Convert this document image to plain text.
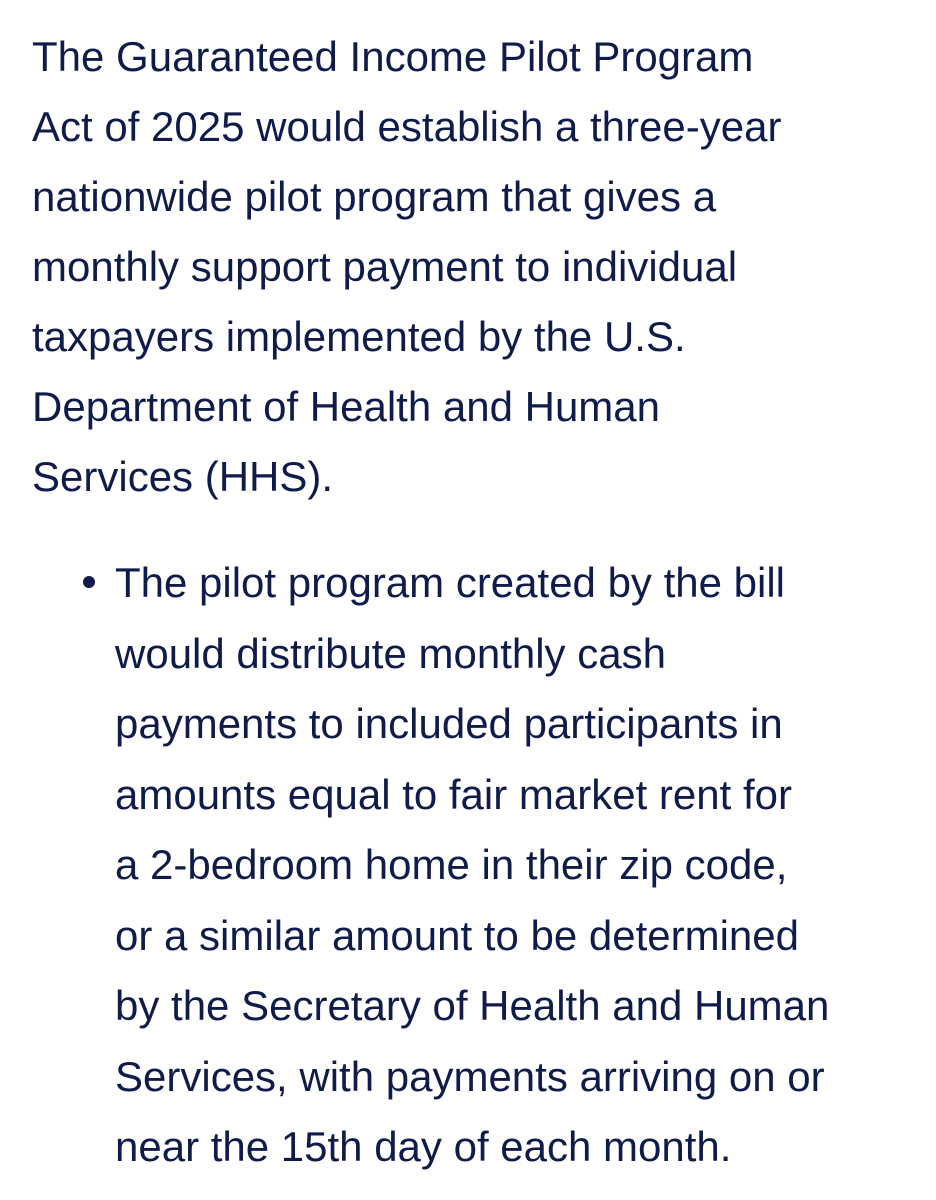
The Guaranteed Income Pilot Program
Act of 2025 would establish a three-year
nationwide pilot program that gives a
monthly support payment to individual
taxpayers implemented by the U.S.
Department of Health and Human
Services (HHS).

The pilot program created by the bill
would distribute monthly cash
payments to included participants in
amounts equal to fair market rent for
a 2-bedroom home in their zip code,
or a similar amount to be determined
by the Secretary of Health and Human
Services, with payments arriving on or
near the 15th day of each month.
